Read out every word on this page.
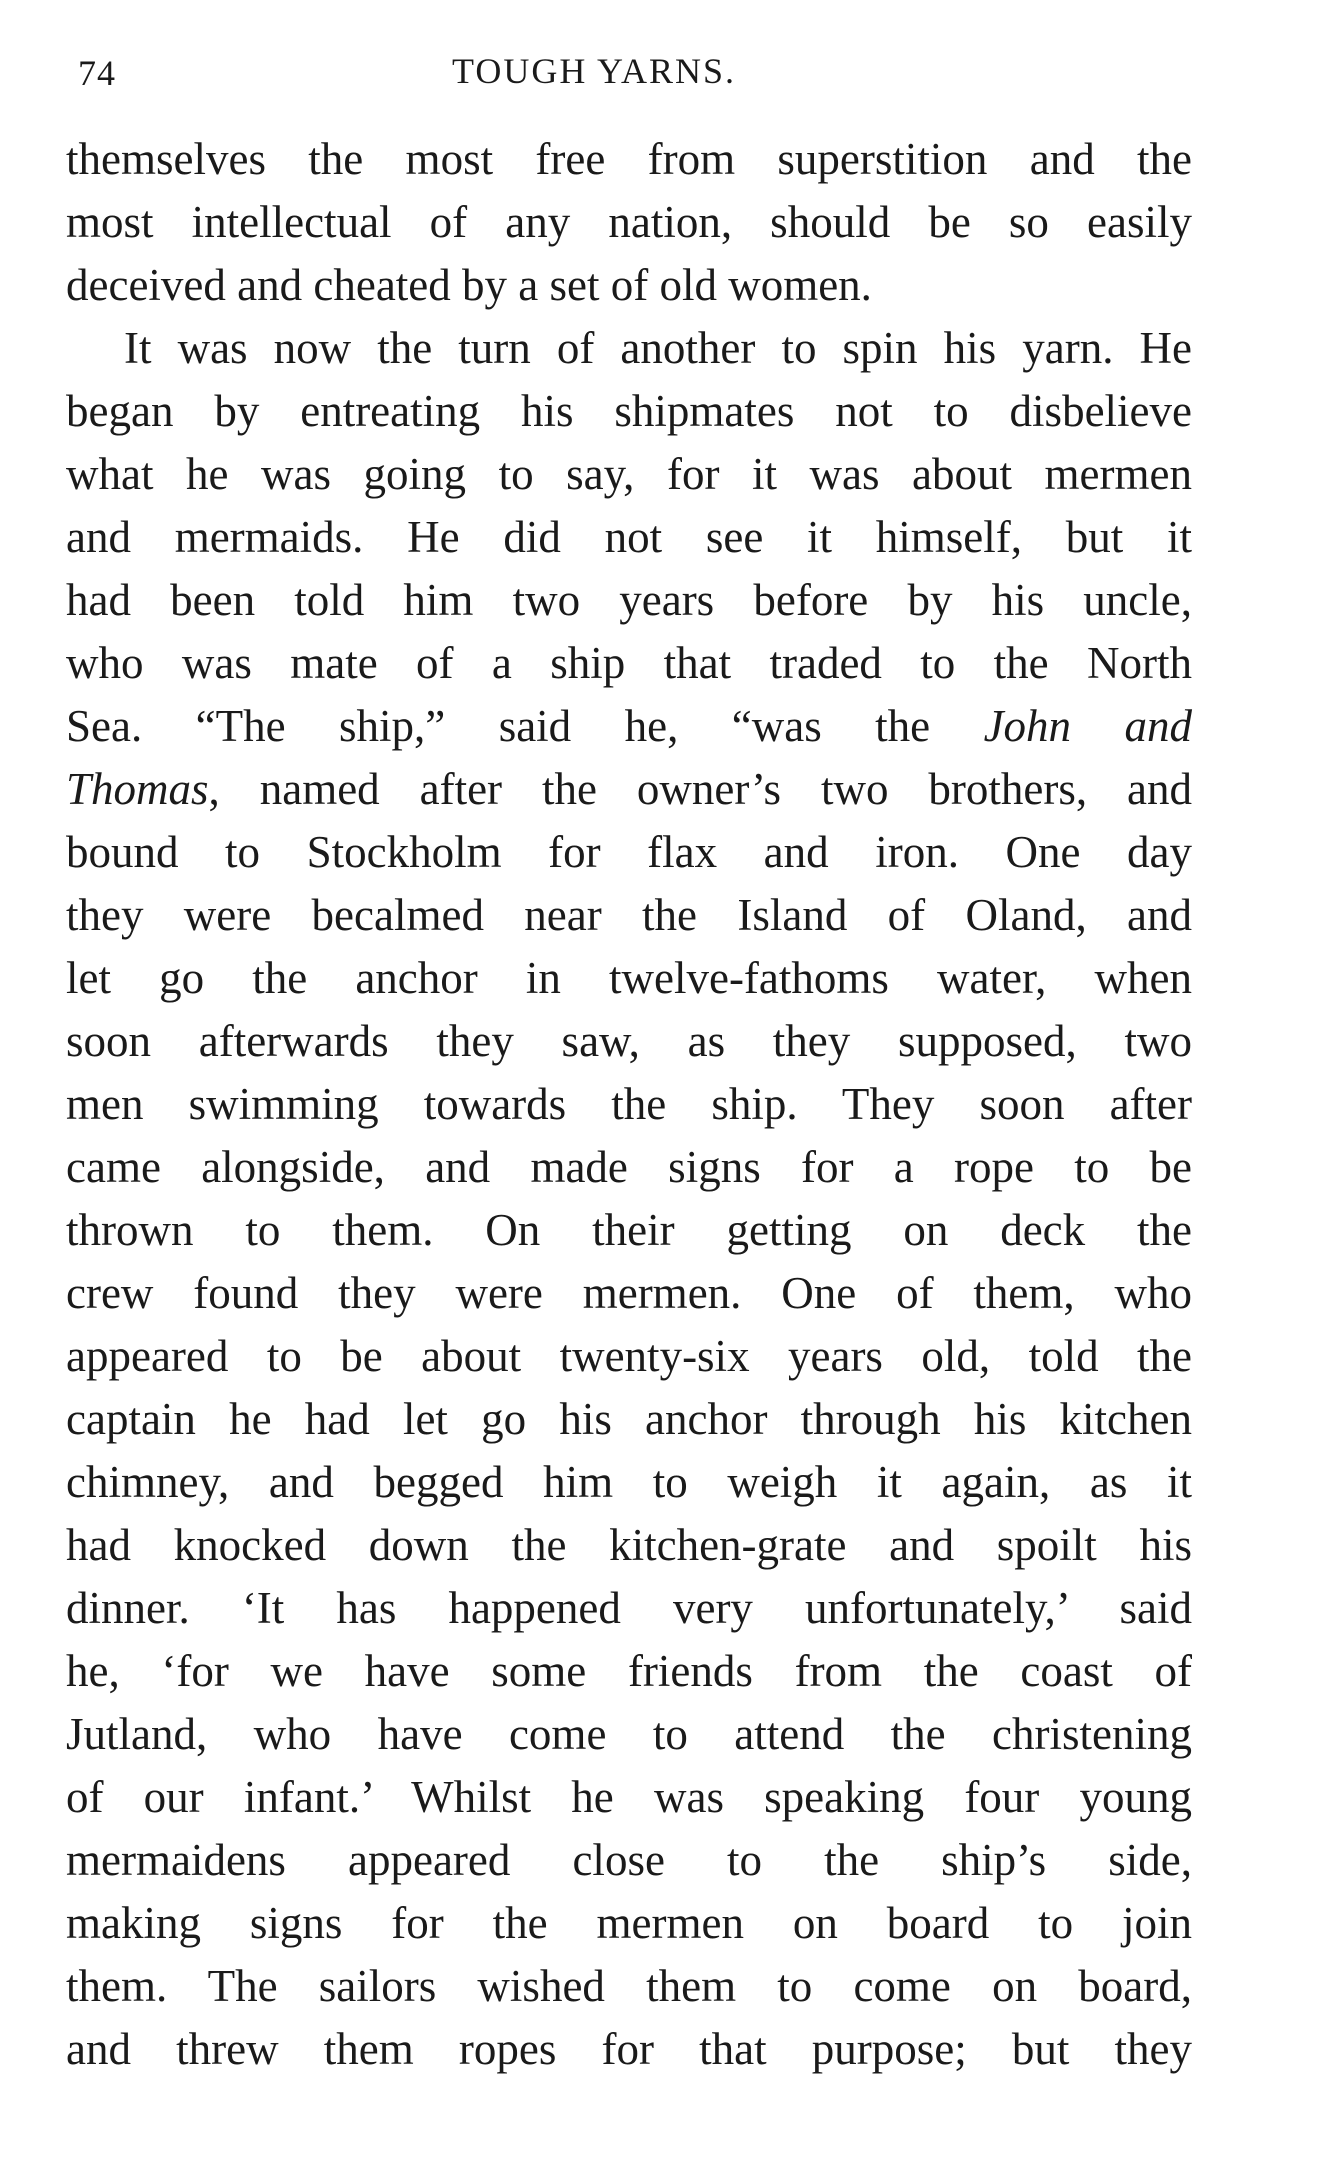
74	TOUGH YARNS.
themselves the most free from superstition and the
most intellectual of any nation, should be so easily
deceived and cheated by a set of old women.
It was now the turn of another to spin his yarn. He
began by entreating his shipmates not to disbelieve
what he was going to say, for it was about mermen
and mermaids. He did not see it himself, but it
had been told him two years before by his uncle,
who was mate of a ship that traded to the North
Sea. “The ship,” said he, “was the John and
Thomas, named after the owner’s two brothers, and
bound to Stockholm for flax and iron. One day
they were becalmed near the Island of Oland, and
let go the anchor in twelve-fathoms water, when
soon afterwards they saw, as they supposed, two
men swimming towards the ship. They soon after
came alongside, and made signs for a rope to be
thrown to them. On their getting on deck the
crew found they were mermen. One of them, who
appeared to be about twenty-six years old, told the
captain he had let go his anchor through his kitchen
chimney, and begged him to weigh it again, as it
had knocked down the kitchen-grate and spoilt his
dinner. ‘It has happened very unfortunately,’ said
he, ‘for we have some friends from the coast of
Jutland, who have come to attend the christening
of our infant.’ Whilst he was speaking four young
mermaidens appeared close to the ship’s side,
making signs for the mermen on board to join
them. The sailors wished them to come on board,
and threw them ropes for that purpose; but they
